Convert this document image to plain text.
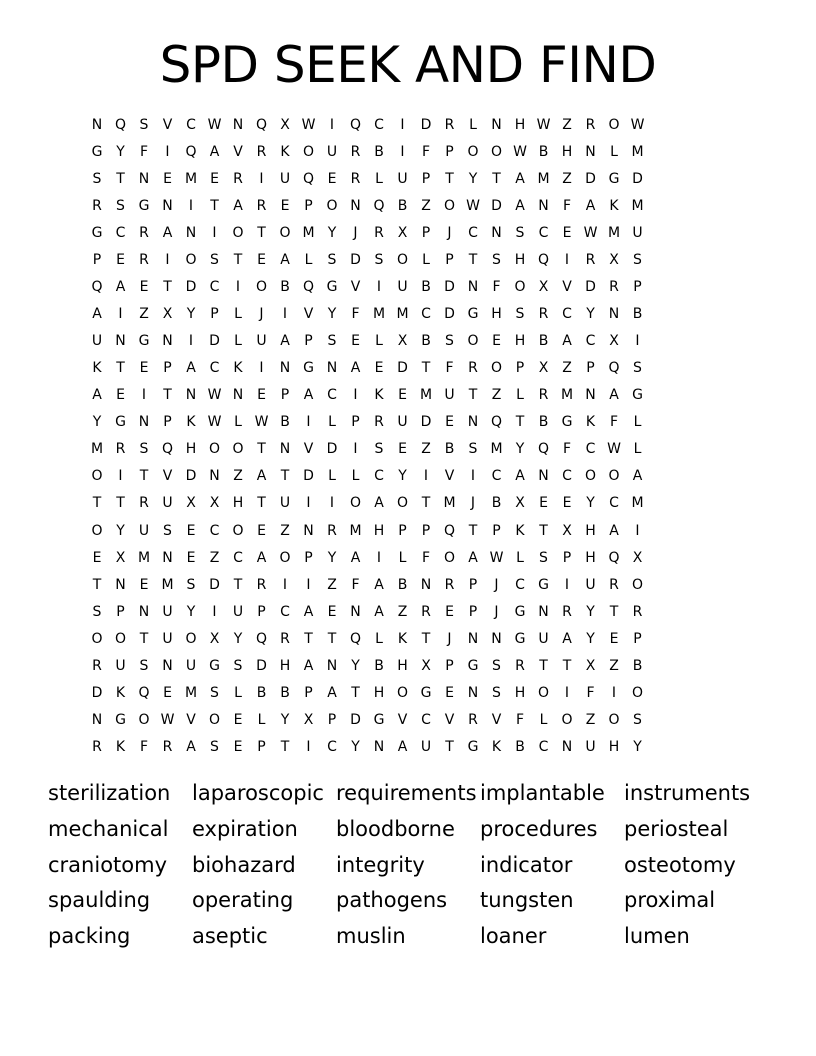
SPD SEEK AND FIND
N Q S	V C W N Q X W	I	Q C	I	D R	L	N H W Z R O W
G Y	F	I	Q A V R	K O U R B	I	F	P O O W B H N	L M
S	T N E M E	R	I	U Q E	R	L	U	P	T	Y	T	A M Z D G D
R	S G N	I	T	A R	E	P O N Q B Z O W D A N	F	A	K M
G C R A N	I	O T O M Y	J	R X	P	J	C N S	C	E W M U
P	E	R	I	O S	T	E	A	L	S D S O	L	P	T	S H Q	I	R X	S
Q A	E	T D C	I	O B Q G V	I	U B D N	F O X V D R	P
A	I	Z X	Y	P	L	J	I	V	Y	F M M C D G H S	R C	Y N B
U N G N	I	D	L	U A	P	S	E	L	X B	S O E H B A C X	I
K	T	E	P	A C	K	I	N G N A	E D T	F	R O P	X Z	P Q S
A	E	I	T N W N E	P	A C	I	K	E M U	T	Z	L	R M N A G
Y G N	P	K W L W B	I	L	P	R U D E N Q T	B G K	F	L
M R	S Q H O O T N V D	I	S	E	Z B	S M Y Q F	C W L
O	I	T	V D N Z A	T D	L	L	C	Y	I	V	I	C A N C O O A
T	T	R U X X H T	U	I	I	O A O T M	J	B X	E	E	Y	C M
O Y	U S	E	C O E	Z N R M H	P	P Q T	P	K	T	X H A	I
E	X M N E	Z C A O P	Y	A	I	L	F O A W L	S	P	H Q X
T N E M S D T	R	I	I	Z	F	A B N R	P	J	C G	I	U R O
S	P	N U	Y	I	U	P	C A	E N A Z R	E	P	J	G N R	Y	T	R
O O T	U O X	Y Q R	T	T Q	L	K	T	J	N N G U A	Y	E	P
R U S N U G S D H A N Y	B H X	P G S	R	T	T	X Z B
D K Q E M S	L	B B	P	A	T H O G E N S H O	I	F	I	O
N G O W V O E	L	Y	X	P D G V C V R V	F	L	O Z O S
R	K	F	R A	S	E	P	T	I	C	Y N A U	T G K	B C N U H Y
sterilization	laparoscopic requirements implantable instruments
mechanical	expiration	bloodborne	procedures	periosteal
craniotomy	biohazard	integrity	indicator	osteotomy
spaulding	operating	pathogens	tungsten	proximal
packing	aseptic	muslin	loaner	lumen
